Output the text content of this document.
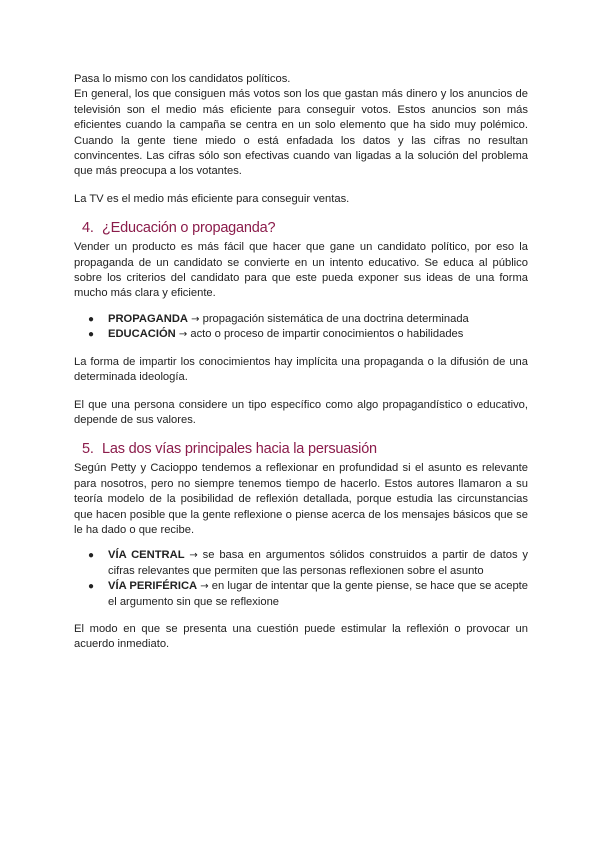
Pasa lo mismo con los candidatos políticos.

En general, los que consiguen más votos son los que gastan más dinero y los anuncios de televisión son el medio más eficiente para conseguir votos. Estos anuncios son más eficientes cuando la campaña se centra en un solo elemento que ha sido muy polémico. Cuando la gente tiene miedo o está enfadada los datos y las cifras no resultan convincentes. Las cifras sólo son efectivas cuando van ligadas a la solución del problema que más preocupa a los votantes.

La TV es el medio más eficiente para conseguir ventas.

4. ¿Educación o propaganda?

Vender un producto es más fácil que hacer que gane un candidato político, por eso la propaganda de un candidato se convierte en un intento educativo. Se educa al público sobre los criterios del candidato para que este pueda exponer sus ideas de una forma mucho más clara y eficiente.

● PROPAGANDA → propagación sistemática de una doctrina determinada
● EDUCACIÓN → acto o proceso de impartir conocimientos o habilidades

La forma de impartir los conocimientos hay implícita una propaganda o la difusión de una determinada ideología.

El que una persona considere un tipo específico como algo propagandístico o educativo, depende de sus valores.

5. Las dos vías principales hacia la persuasión

Según Petty y Cacioppo tendemos a reflexionar en profundidad si el asunto es relevante para nosotros, pero no siempre tenemos tiempo de hacerlo. Estos autores llamaron a su teoría modelo de la posibilidad de reflexión detallada, porque estudia las circunstancias que hacen posible que la gente reflexione o piense acerca de los mensajes básicos que se le ha dado o que recibe.

● VÍA CENTRAL → se basa en argumentos sólidos construidos a partir de datos y cifras relevantes que permiten que las personas reflexionen sobre el asunto
● VÍA PERIFÉRICA → en lugar de intentar que la gente piense, se hace que se acepte el argumento sin que se reflexione

El modo en que se presenta una cuestión puede estimular la reflexión o provocar un acuerdo inmediato.
